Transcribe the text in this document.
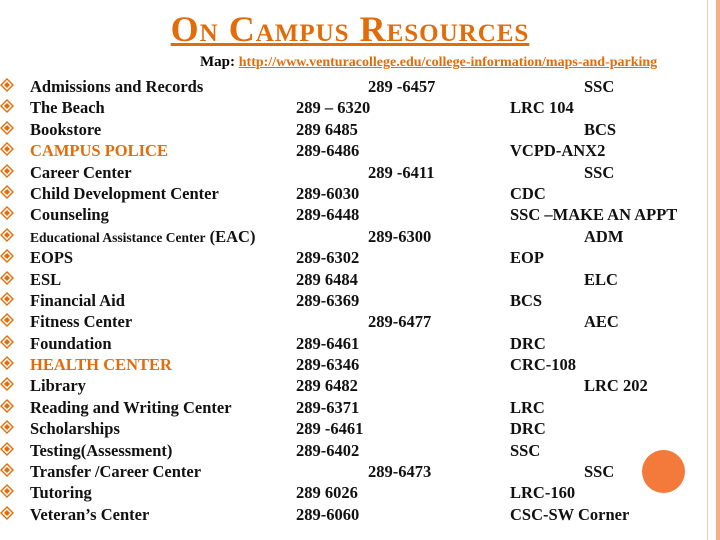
On Campus Resources
Map: http://www.venturacollege.edu/college-information/maps-and-parking
Admissions and Records	289 -6457	SSC
The Beach	289 – 6320	LRC 104
Bookstore	289 6485	BCS
CAMPUS POLICE	289-6486	VCPD-ANX2
Career Center	289 -6411	SSC
Child Development Center	289-6030	CDC
Counseling	289-6448	SSC –MAKE AN APPT
Educational Assistance Center (EAC)	289-6300	ADM
EOPS	289-6302	EOP
ESL	289 6484	ELC
Financial Aid	289-6369	BCS
Fitness Center	289-6477	AEC
Foundation	289-6461	DRC
HEALTH CENTER	289-6346	CRC-108
Library	289 6482	LRC 202
Reading and Writing Center	289-6371	LRC
Scholarships	289 -6461	DRC
Testing(Assessment)	289-6402	SSC
Transfer /Career Center	289-6473	SSC
Tutoring	289 6026	LRC-160
Veteran’s Center	289-6060	CSC-SW Corner
